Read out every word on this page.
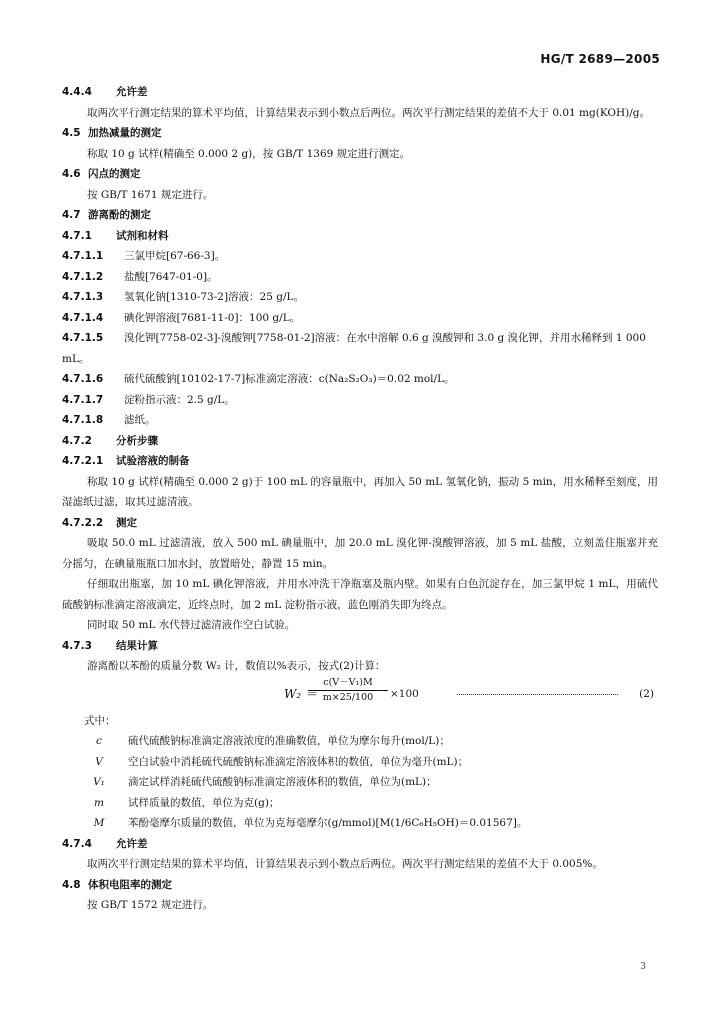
HG/T 2689—2005
4.4.4 允许差
取两次平行测定结果的算术平均值，计算结果表示到小数点后两位。两次平行测定结果的差值不大于 0.01 mg(KOH)/g。
4.5 加热减量的测定
称取 10 g 试样(精确至 0.000 2 g)，按 GB/T 1369 规定进行测定。
4.6 闪点的测定
按 GB/T 1671 规定进行。
4.7 游离酚的测定
4.7.1 试剂和材料
4.7.1.1 三氯甲烷[67-66-3]。
4.7.1.2 盐酸[7647-01-0]。
4.7.1.3 氢氧化钠[1310-73-2]溶液：25 g/L。
4.7.1.4 碘化钾溶液[7681-11-0]：100 g/L。
4.7.1.5 溴化钾[7758-02-3]-溴酸钾[7758-01-2]溶液：在水中溶解 0.6 g 溴酸钾和 3.0 g 溴化钾，并用水稀释到 1 000 mL。
4.7.1.6 硫代硫酸钠[10102-17-7]标准滴定溶液：c(Na₂S₂O₃)＝0.02 mol/L。
4.7.1.7 淀粉指示液：2.5 g/L。
4.7.1.8 滤纸。
4.7.2 分析步骤
4.7.2.1 试验溶液的制备
称取 10 g 试样(精确至 0.000 2 g)于 100 mL 的容量瓶中，再加入 50 mL 氢氧化钠，振动 5 min，用水稀释至刻度，用湿滤纸过滤，取其过滤清液。
4.7.2.2 测定
吸取 50.0 mL 过滤清液，放入 500 mL 碘量瓶中，加 20.0 mL 溴化钾-溴酸钾溶液，加 5 mL 盐酸，立刻盖住瓶塞并充分摇匀，在碘量瓶瓶口加水封，放置暗处，静置 15 min。
仔细取出瓶塞，加 10 mL 碘化钾溶液，并用水冲洗干净瓶塞及瓶内壁。如果有白色沉淀存在，加三氯甲烷 1 mL，用硫代硫酸钠标准滴定溶液滴定，近终点时，加 2 mL 淀粉指示液，蓝色刚消失即为终点。
同时取 50 mL 水代替过滤清液作空白试验。
4.7.3 结果计算
游离酚以苯酚的质量分数 W₂ 计，数值以%表示，按式(2)计算：
W₂ ＝
$\frac{\text{c(V－V₁)M}}{m\times 25/100} \times 100$	(2)
式中：
c	硫代硫酸钠标准滴定溶液浓度的准确数值，单位为摩尔每升(mol/L)；
V	空白试验中消耗硫代硫酸钠标准滴定溶液体积的数值，单位为毫升(mL)；
V₁	滴定试样消耗硫代硫酸钠标准滴定溶液体积的数值，单位为(mL)；
m	试样质量的数值，单位为克(g)；
M	苯酚毫摩尔质量的数值，单位为克每毫摩尔(g/mmol)[M(1/6C₆H₅OH)＝0.01567]。
4.7.4 允许差
取两次平行测定结果的算术平均值，计算结果表示到小数点后两位。两次平行测定结果的差值不大于 0.005%。
4.8 体积电阻率的测定
按 GB/T 1572 规定进行。
3
